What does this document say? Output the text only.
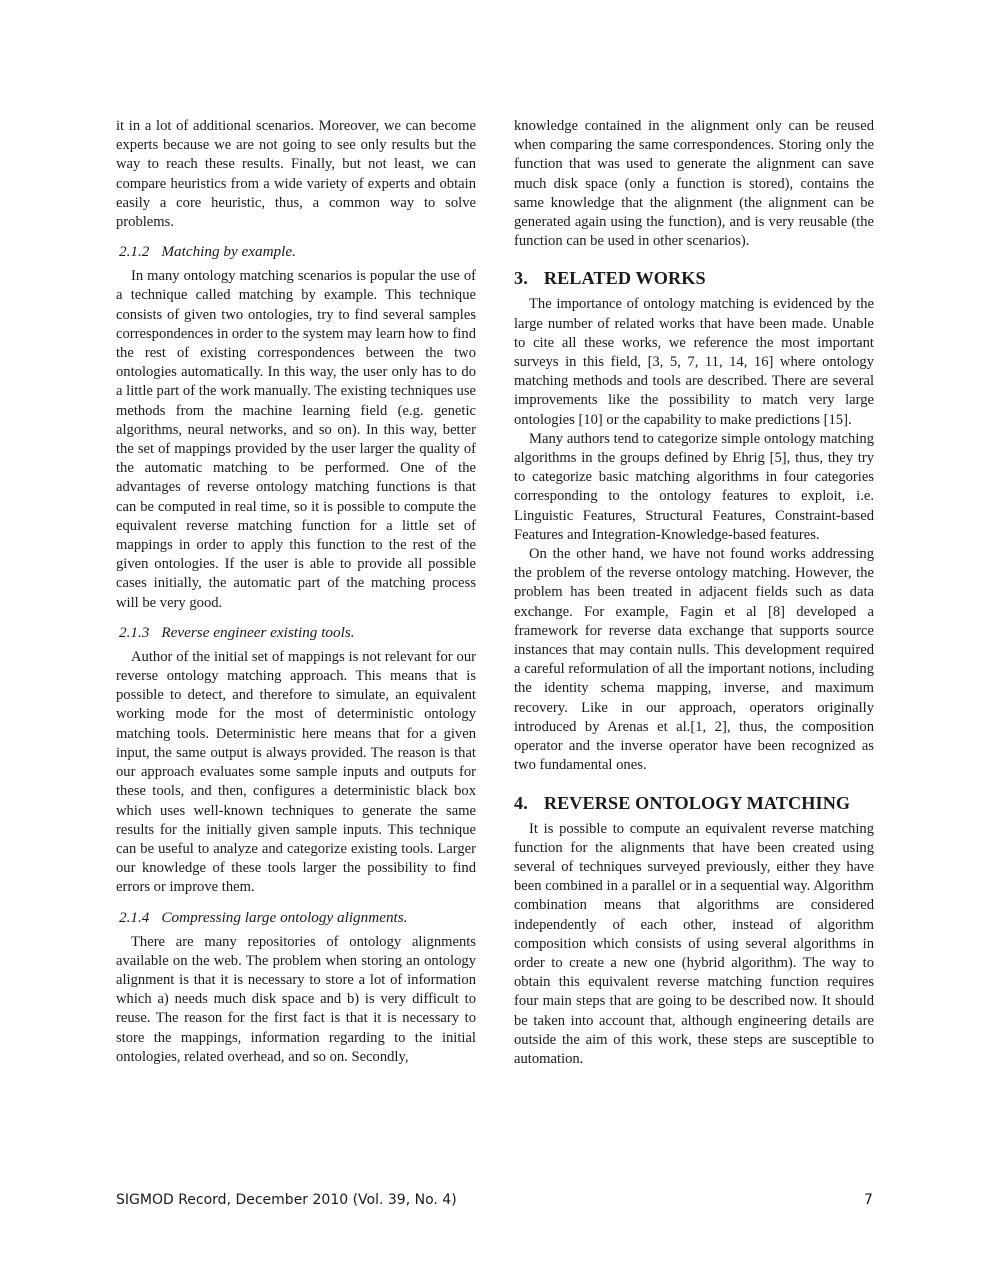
it in a lot of additional scenarios. Moreover, we can become experts because we are not going to see only results but the way to reach these results. Finally, but not least, we can compare heuristics from a wide variety of experts and obtain easily a core heuristic, thus, a common way to solve problems.

2.1.2 Matching by example.

In many ontology matching scenarios is popular the use of a technique called matching by example. This technique consists of given two ontologies, try to find several samples correspondences in order to the system may learn how to find the rest of existing correspondences between the two ontologies automatically. In this way, the user only has to do a little part of the work manually. The existing techniques use methods from the machine learning field (e.g. genetic algorithms, neural networks, and so on). In this way, better the set of mappings provided by the user larger the quality of the automatic matching to be performed. One of the advantages of reverse ontology matching functions is that can be computed in real time, so it is possible to compute the equivalent reverse matching function for a little set of mappings in order to apply this function to the rest of the given ontologies. If the user is able to provide all possible cases initially, the automatic part of the matching process will be very good.

2.1.3 Reverse engineer existing tools.

Author of the initial set of mappings is not relevant for our reverse ontology matching approach. This means that is possible to detect, and therefore to simulate, an equivalent working mode for the most of deterministic ontology matching tools. Deterministic here means that for a given input, the same output is always provided. The reason is that our approach evaluates some sample inputs and outputs for these tools, and then, configures a deterministic black box which uses well-known techniques to generate the same results for the initially given sample inputs. This technique can be useful to analyze and categorize existing tools. Larger our knowledge of these tools larger the possibility to find errors or improve them.

2.1.4 Compressing large ontology alignments.

There are many repositories of ontology alignments available on the web. The problem when storing an ontology alignment is that it is necessary to store a lot of information which a) needs much disk space and b) is very difficult to reuse. The reason for the first fact is that it is necessary to store the mappings, information regarding to the initial ontologies, related overhead, and so on. Secondly,

knowledge contained in the alignment only can be reused when comparing the same correspondences. Storing only the function that was used to generate the alignment can save much disk space (only a function is stored), contains the same knowledge that the alignment (the alignment can be generated again using the function), and is very reusable (the function can be used in other scenarios).

3. RELATED WORKS

The importance of ontology matching is evidenced by the large number of related works that have been made. Unable to cite all these works, we reference the most important surveys in this field, [3, 5, 7, 11, 14, 16] where ontology matching methods and tools are described. There are several improvements like the possibility to match very large ontologies [10] or the capability to make predictions [15].

Many authors tend to categorize simple ontology matching algorithms in the groups defined by Ehrig [5], thus, they try to categorize basic matching algorithms in four categories corresponding to the ontology features to exploit, i.e. Linguistic Features, Structural Features, Constraint-based Features and Integration-Knowledge-based features.

On the other hand, we have not found works addressing the problem of the reverse ontology matching. However, the problem has been treated in adjacent fields such as data exchange. For example, Fagin et al [8] developed a framework for reverse data exchange that supports source instances that may contain nulls. This development required a careful reformulation of all the important notions, including the identity schema mapping, inverse, and maximum recovery. Like in our approach, operators originally introduced by Arenas et al.[1, 2], thus, the composition operator and the inverse operator have been recognized as two fundamental ones.

4. REVERSE ONTOLOGY MATCHING

It is possible to compute an equivalent reverse matching function for the alignments that have been created using several of techniques surveyed previously, either they have been combined in a parallel or in a sequential way. Algorithm combination means that algorithms are considered independently of each other, instead of algorithm composition which consists of using several algorithms in order to create a new one (hybrid algorithm). The way to obtain this equivalent reverse matching function requires four main steps that are going to be described now. It should be taken into account that, although engineering details are outside the aim of this work, these steps are susceptible to automation.

SIGMOD Record, December 2010 (Vol. 39, No. 4)	7
